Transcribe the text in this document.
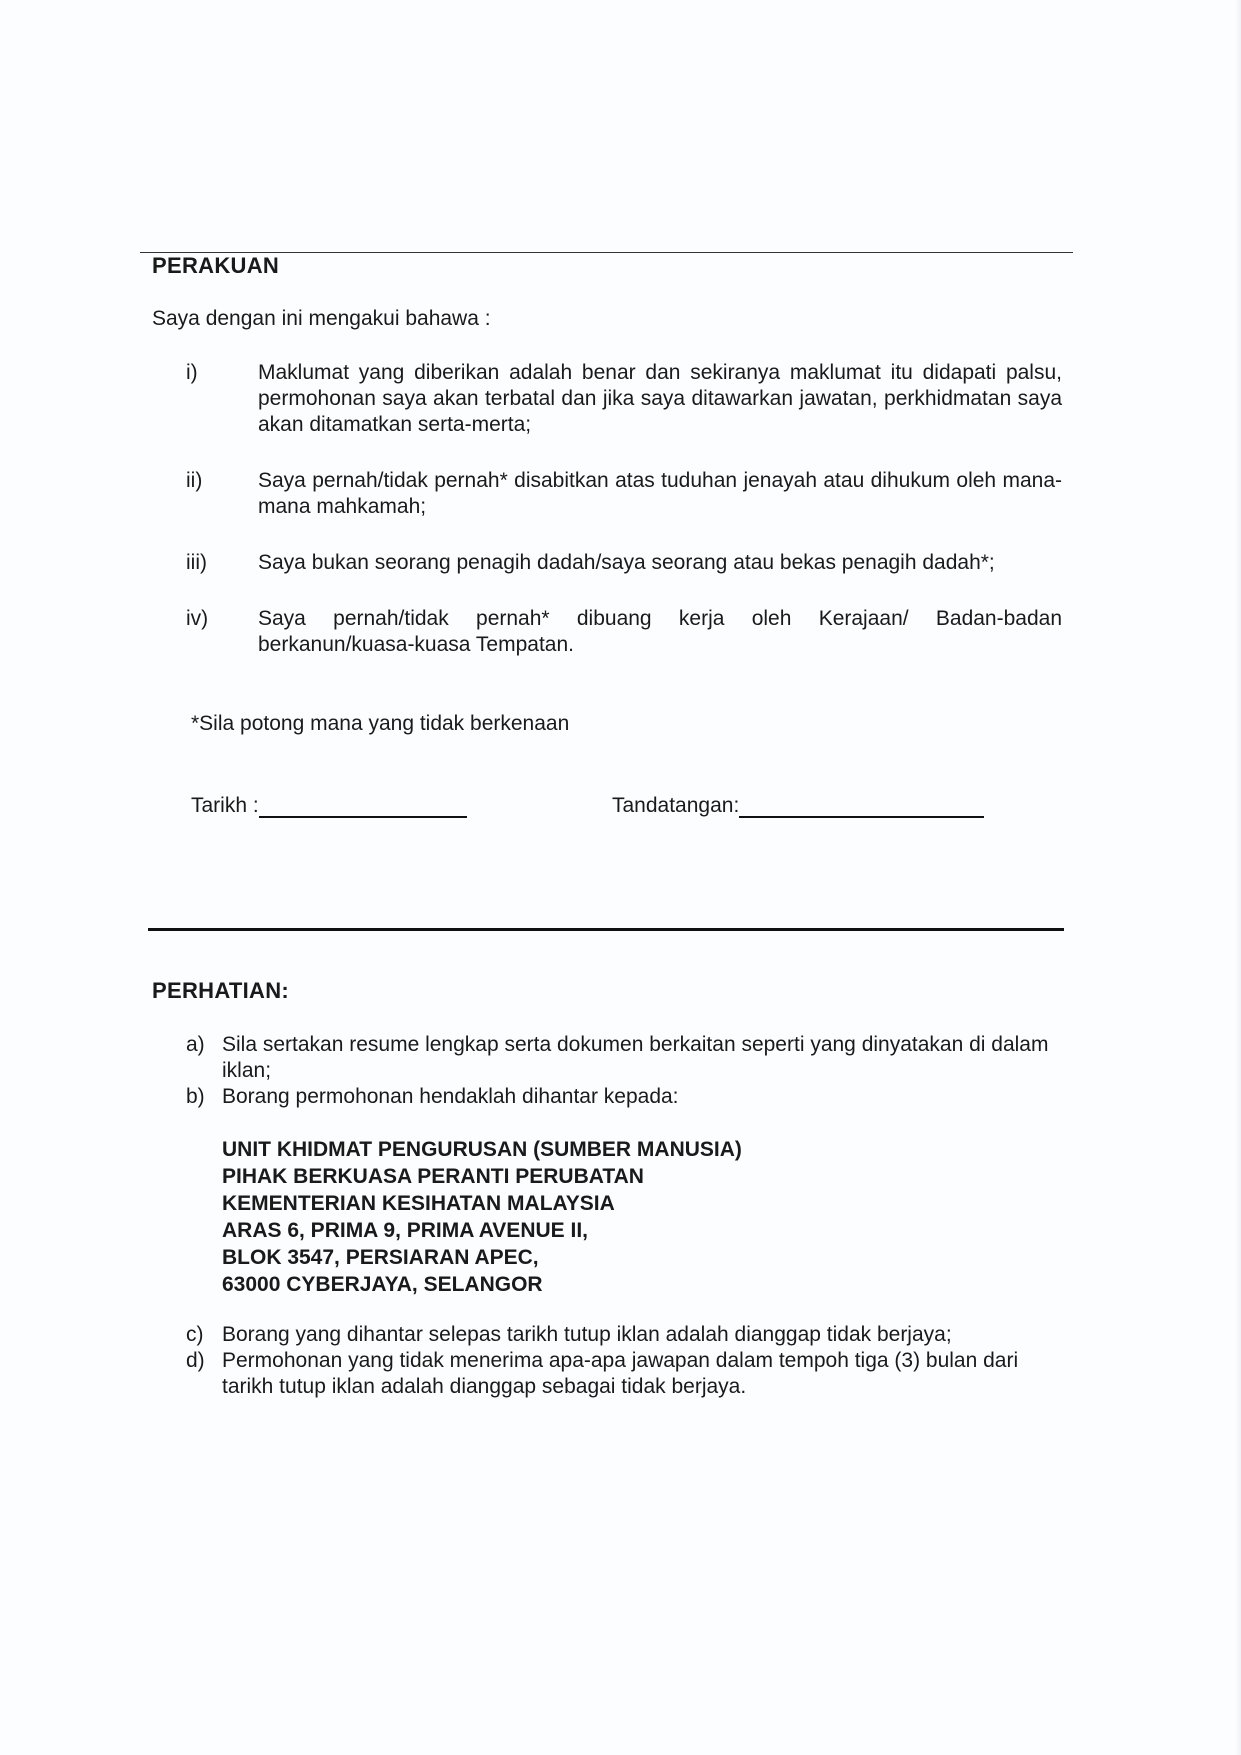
PERAKUAN

Saya dengan ini mengakui bahawa :

i)	Maklumat yang diberikan adalah benar dan sekiranya maklumat itu didapati palsu, permohonan saya akan terbatal dan jika saya ditawarkan jawatan, perkhidmatan saya akan ditamatkan serta-merta;
ii)	Saya pernah/tidak pernah* disabitkan atas tuduhan jenayah atau dihukum oleh mana-mana mahkamah;
iii) Saya bukan seorang penagih dadah/saya seorang atau bekas penagih dadah*;
iv) Saya pernah/tidak pernah* dibuang kerja oleh Kerajaan/ Badan-badan berkanun/kuasa-kuasa Tempatan.

*Sila potong mana yang tidak berkenaan

Tarikh :	Tandatangan:
PERHATIAN:
a) Sila sertakan resume lengkap serta dokumen berkaitan seperti yang dinyatakan di dalam iklan;
b) Borang permohonan hendaklah dihantar kepada:
UNIT KHIDMAT PENGURUSAN (SUMBER MANUSIA)
PIHAK BERKUASA PERANTI PERUBATAN
KEMENTERIAN KESIHATAN MALAYSIA
ARAS 6, PRIMA 9, PRIMA AVENUE II,
BLOK 3547, PERSIARAN APEC,
63000 CYBERJAYA, SELANGOR
c) Borang yang dihantar selepas tarikh tutup iklan adalah dianggap tidak berjaya;
d) Permohonan yang tidak menerima apa-apa jawapan dalam tempoh tiga (3) bulan dari tarikh tutup iklan adalah dianggap sebagai tidak berjaya.
